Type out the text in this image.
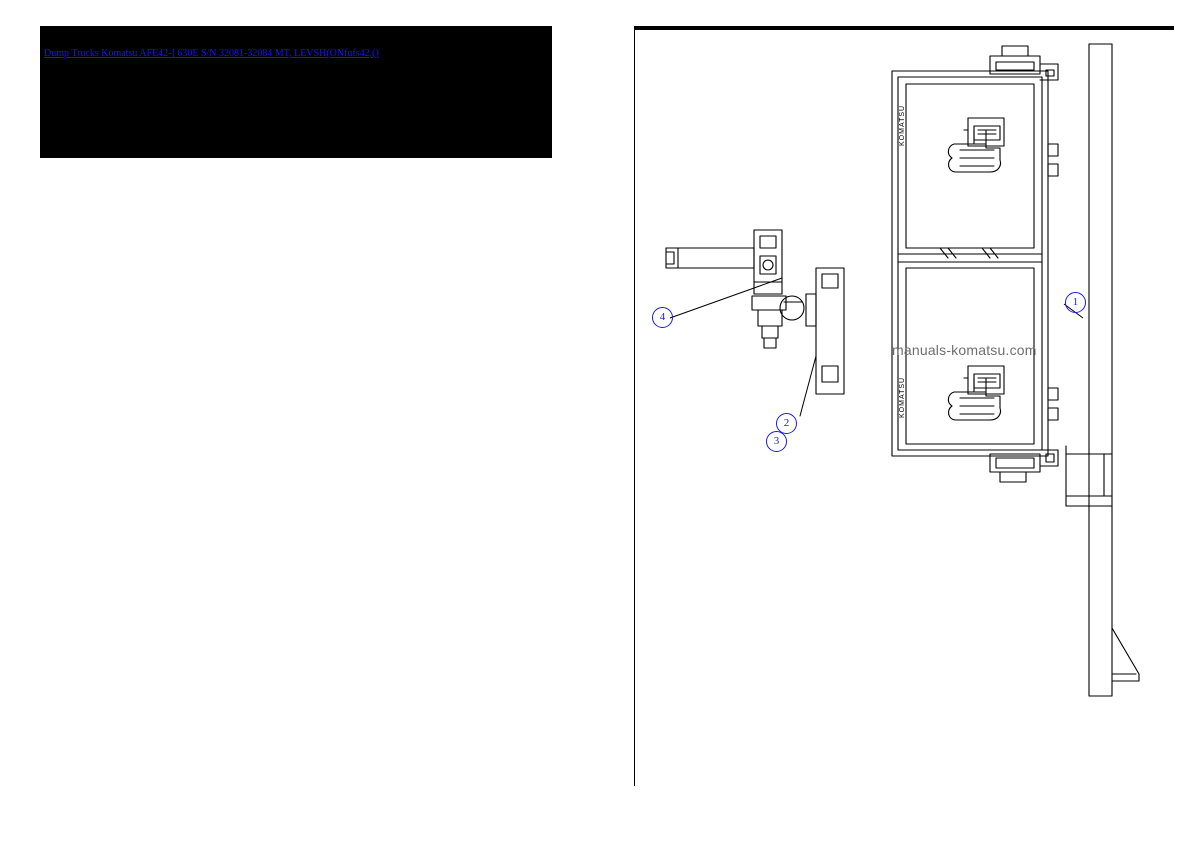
Dump Trucks Komatsu AFE42-] 630E S/N 32081-32084 MT, LEVSH(ONfufs42,()
KOMATSU
KOMATSU
manuals-komatsu.com
1
2
3
4
